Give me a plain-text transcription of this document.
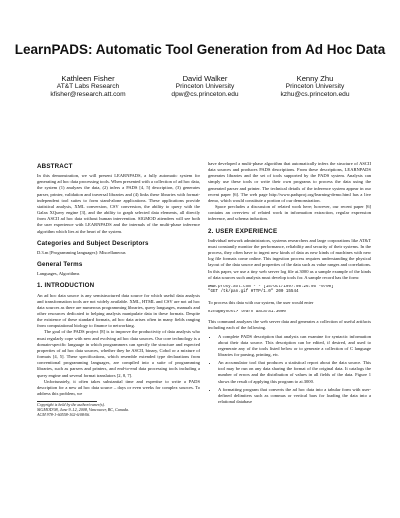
LearnPADS: Automatic Tool Generation from Ad Hoc Data
Kathleen Fisher
AT&T Labs Research
kfisher@research.att.com
David Walker
Princeton University
dpw@cs.princeton.edu
Kenny Zhu
Princeton University
kzhu@cs.princeton.edu
ABSTRACT

In this demonstration, we will present LEARNPADS, a fully automatic system for generating ad hoc data processing tools. When presented with a collection of ad hoc data, the system (1) analyzes the data, (2) infers a PADS [4, 5] description, (3) generates parser, printer, validation and traversal libraries and (4) links these libraries with format-independent tool suites to form stand-alone applications. These applications provide statistical analysis, XML conversion, CSV conversion, the ability to query with the Galax XQuery engine [3], and the ability to graph selected data elements, all directly from ASCII ad hoc data without human intervention. SIGMOD attendees will see both the user experience with LEARNPADS and the internals of the multi-phase inference algorithm which lies at the heart of the system.

Categories and Subject Descriptors

D.3.m [Programming languages]: Miscellaneous

General Terms

Languages, Algorithms

1. INTRODUCTION

An ad hoc data source is any semistructured data source for which useful data analysis and transformation tools are not widely available. XML, HTML and CSV are not ad hoc data sources as there are numerous programming libraries, query languages, manuals and other resources dedicated to helping analysts manipulate data in these formats. Despite the existence of these standard formats, ad hoc data arises often in many fields ranging from computational biology to finance to networking.

The goal of the PADS project [8] is to improve the productivity of data analysts who must regularly cope with new and evolving ad hoc data sources. Our core technology is a domain-specific language in which programmers can specify the structure and expected properties of ad hoc data sources, whether they be ASCII, binary, Cobol or a mixture of formats [4, 5]. These specifications, which resemble extended type declarations from conventional programming languages, are compiled into a suite of programming libraries, such as parsers and printers, and end-to-end data processing tools including a query engine and several format translators [2, 8, 7].

Unfortunately, it often takes substantial time and expertise to write a PADS description for a new ad hoc data source – days or even weeks for complex sources. To address this problem, we

Copyright is held by the author/owner(s).
SIGMOD'08, June 9–12, 2008, Vancouver, BC, Canada.
ACM 978-1-60558-102-6/08/06.

have developed a multi-phase algorithm that automatically infers the structure of ASCII data sources and produces PADS descriptions. From these descriptions, LEARNPADS generates libraries and the set of tools supported by the PADS system. Analysts can simply use these tools or write their own programs to process the data using the generated parser and printer. The technical details of the inference system appear in our recent paper [6]. The web page http://www.padsproj.org/learning-demo.html has a live demo, which would constitute a portion of our demonstration.

Space precludes a discussion of related work here; however, our recent paper [6] contains an overview of related work in information extraction, regular expression inference, and schema induction.

2. USER EXPERIENCE

Individual network administrators, systems researchers and large corporations like AT&T must constantly monitor the performance, reliability and security of their systems. In the process, they often have to ingest new kinds of data as new kinds of machines with new log file formats come online. This ingestion process requires understanding the physical layout of the data source and properties of the data such as value ranges and correlations. In this paper, we use a tiny web server log file ai.3000 as a sample example of the kinds of data sources such analysts must develop tools for. A sample record has the form:

www.proxy.aol.com - - [15/Oct/1997:08:26:05 -0700]
"GET /tk/pan.gif HTTP/1.0" 200 15544

To process this data with our system, the user would enter

kzhu@myhost> learn data/ai.3000

This command analyzes the web server data and generates a collection of useful artifacts including each of the following.

• A complete PADS description that analysts can examine for syntactic information about their data source. This description can be edited, if desired, and used to regenerate any of the tools listed below or to generate a collection of C language libraries for parsing, printing, etc.
• An accumulator tool that produces a statistical report about the data source. This tool may be run on any data sharing the format of the original data. It catalogs the number of errors and the distribution of values in all fields of the data. Figure 1 shows the result of applying this program to ai.3000.
• A formatting program that converts the ad hoc data into a tabular form with user-defined delimiters such as commas or vertical bars for loading the data into a relational database
